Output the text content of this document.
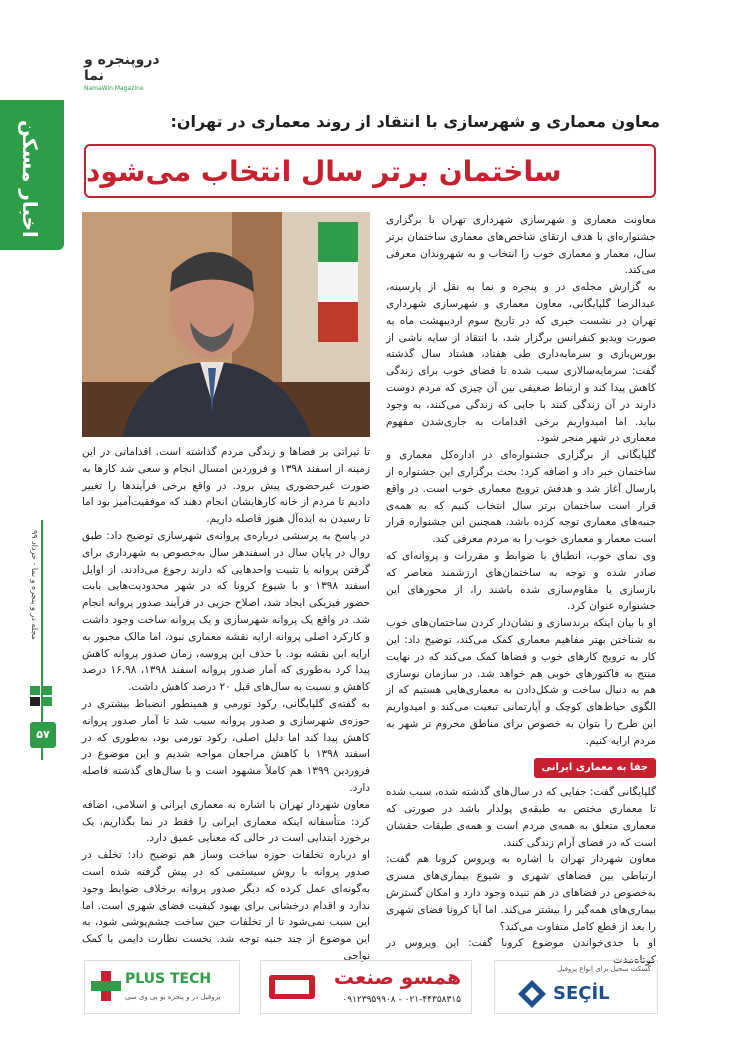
دروپنجره و نما
NamaWin Magazine
اخبار مسکن
مجله در و پنجره و نما - خرداد ۹۹
۵۷
معاون معماری و شهرسازی با انتقاد از روند معماری در تهران:
ساختمان برتر سال انتخاب می‌شود

معاونت معماری و شهرسازی شهرداری تهران با برگزاری جشنواره‌ای با هدف ارتقای شاخص‌های معماری ساختمان برتر سال، معمار و معماری خوب را انتخاب و به شهروندان معرفی می‌کند.

به گزارش مجله‌ی در و پنجره و نما به نقل از پارسینه، عبدالرضا گلپایگانی، معاون معماری و شهرسازی شهرداری تهران در نشست خبری که در تاریخ سوم اردیبهشت ماه به صورت ویدیو کنفرانس برگزار شد، با انتقاد از سایه ناشی از بورس‌بازی و سرمایه‌داری طی هفتاد، هشتاد سال گذشته گفت: سرمایه‌سالاری سبب شده تا فضای خوب برای زندگی کاهش پیدا کند و ارتباط ضعیفی بین آن چیزی که مردم دوست دارند در آن زندگی کنند با جایی که زندگی می‌کنند، به وجود بیاید. اما امیدواریم برخی اقدامات به جاری‌شدن مفهوم معماری در شهر منجر شود.

گلپایگانی از برگزاری جشنواره‌ای در اداره‌کل معماری و ساختمان خبر داد و اضافه کرد: بحث برگزاری این جشنواره از پارسال آغاز شد و هدفش ترویج معماری خوب است. در واقع قرار است ساختمان برتر سال انتخاب کنیم که به همه‌ی جنبه‌های معماری توجه کرده باشد. همچنین این جشنواره قرار است معمار و معماری خوب را به مردم معرفی کند.

وی نمای خوب، انطباق با ضوابط و مقررات و پروانه‌ای که صادر شده و توجه به ساختمان‌های ارزشمند معاصر که بازسازی یا مقاوم‌سازی شده باشند را، از محورهای این جشنواره عنوان کرد.

او با بیان اینکه برندسازی و نشان‌دار کردن ساختمان‌های خوب به شناختن بهتر مفاهیم معماری کمک می‌کند، توضیح داد: این کار به ترویج کارهای خوب و فضاها کمک می‌کند که در نهایت منتج به فاکتورهای خوبی هم خواهد شد. در سازمان نوسازی هم به دنبال ساخت و شکل‌دادن به معماری‌هایی هستیم که از الگوی حیاط‌های کوچک و آپارتمانی تبعیت می‌کند و امیدواریم این طرح را بتوان به خصوص برای مناطق محروم تر شهر به مردم ارایه کنیم.

جفا به معماری ایرانی

گلپایگانی گفت: جفایی که در سال‌های گذشته شده، سبب شده تا معماری مختص به طبقه‌ی پولدار باشد در صورتی که معماری متعلق به همه‌ی مردم است و همه‌ی طبقات حقشان است که در فضای آرام زندگی کنند.

معاون شهردار تهران با اشاره به ویروس کرونا هم گفت: ارتباطی بین فضاهای شهری و شیوع بیماری‌های مسری به‌خصوص در فضاهای در هم تنیده وجود دارد و امکان گسترش بیماری‌های همه‌گیر را بیشتر می‌کند. اما آیا کرونا فضای شهری را بعد از قطع کامل متفاوت می‌کند؟

او با جدی‌خواندن موضوع کرونا گفت: این ویروس در کوتاه‌مدت

تا ثیراتی بر فضاها و زندگی مردم گذاشته است. اقداماتی در این زمینه از اسفند ۱۳۹۸ و فروردین امسال انجام و سعی شد کارها به صورت غیرحضوری پیش برود. در واقع برخی فرآیندها را تغییر دادیم تا مردم از خانه کارهایشان انجام دهند که موفقیت‌آمیز بود اما تا رسیدن به ایده‌آل هنوز فاصله داریم.

در پاسخ به پرسشی درباره‌ی پروانه‌ی شهرسازی توضیح داد: طبق روال در پایان سال در اسفندهر سال به‌خصوص به شهرداری برای گرفتن پروانه یا تثبیت واحدهایی که دارند رجوع می‌دادند. از اوایل اسفند ۱۳۹۸ و با شیوع کرونا که در شهر محدودیت‌هایی بابت حضور فیزیکی ایجاد شد، اصلاح جزیی در فرآیند صدور پروانه انجام شد. در واقع یک پروانه شهرسازی و یک پروانه ساخت وجود داشت و کارکرد اصلی پروانه ارایه نقشه معماری نبود، اما مالک مجبور به ارایه این نقشه بود. با حذف این پروسه، زمان صدور پروانه کاهش پیدا کرد به‌طوری که آمار صدور پروانه اسفند ۱۳۹۸، ۱۶.۹۸ درصد کاهش و نسبت به سال‌های قبل ۲۰ درصد کاهش داشت.

به گفته‌ی گلپایگانی، رکود تورمی و همینطور انضباط بیشتری در حوزه‌ی شهرسازی و صدور پروانه سبب شد تا آمار صدور پروانه کاهش پیدا کند اما دلیل اصلی، رکود تورمی بود، به‌طوری که در اسفند ۱۳۹۸ با کاهش مراجعان مواجه شدیم و این موضوع در فروردین ۱۳۹۹ هم کاملاً مشهود است و با سال‌های گذشته فاصله دارد.

معاون شهردار تهران با اشاره به معماری ایرانی و اسلامی، اضافه کرد: متأسفانه اینکه معماری ایرانی را فقط در نما بگذاریم، یک برخورد ابتدایی است در حالی که معنایی عمیق دارد.

او درباره تخلفات حوزه ساخت وساز هم توضیح داد: تخلف در صدور پروانه با روش سیستمی که در پیش گرفته شده است به‌گونه‌ای عمل کرده که دیگر صدور پروانه برخلاف ضوابط وجود ندارد و اقدام درخشانی برای بهبود کیفیت فضای شهری است. اما این سبب نمی‌شود تا از تخلفات حین ساخت چشم‌پوشی شود، به‌ این موضوع از چند جنبه توجه شد. نخست نظارت دایمی با کمک نواحی

PLUS TECH
پروفیل در و پنجره یو پی وی سی
همسو صنعت
۰۲۱-۴۴۳۵۸۳۱۵ - ۰۹۱۲۳۹۵۹۹۰۸
گسکت سجیل برای انواع پروفیل
SEÇİL
